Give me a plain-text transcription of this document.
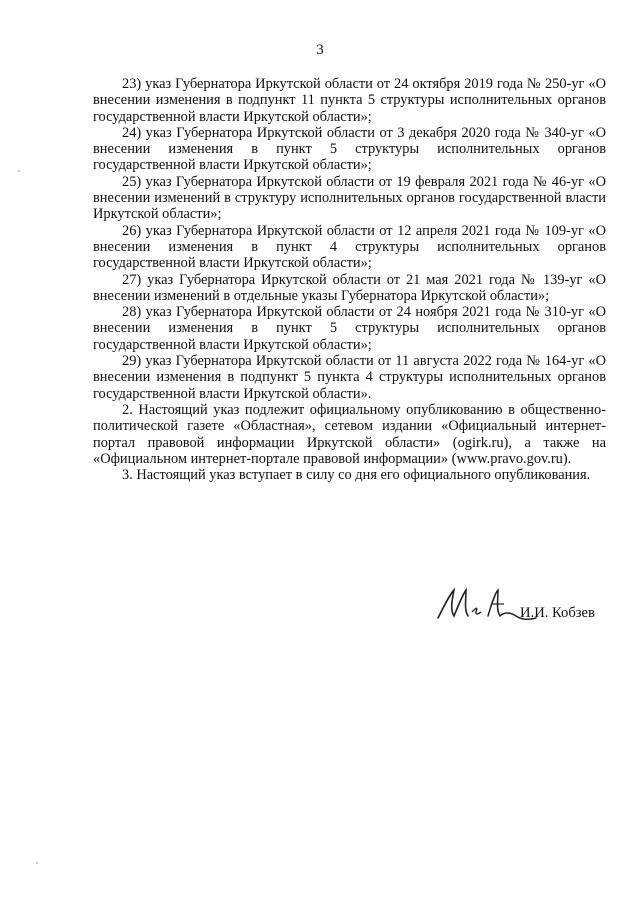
3

23) указ Губернатора Иркутской области от 24 октября 2019 года № 250-уг «О внесении изменения в подпункт 11 пункта 5 структуры исполнительных органов государственной власти Иркутской области»;

24) указ Губернатора Иркутской области от 3 декабря 2020 года № 340-уг «О внесении изменения в пункт 5 структуры исполнительных органов государственной власти Иркутской области»;

25) указ Губернатора Иркутской области от 19 февраля 2021 года № 46-уг «О внесении изменений в структуру исполнительных органов государственной власти Иркутской области»;

26) указ Губернатора Иркутской области от 12 апреля 2021 года № 109-уг «О внесении изменения в пункт 4 структуры исполнительных органов государственной власти Иркутской области»;

27) указ Губернатора Иркутской области от 21 мая 2021 года № 139-уг «О внесении изменений в отдельные указы Губернатора Иркутской области»;

28) указ Губернатора Иркутской области от 24 ноября 2021 года № 310-уг «О внесении изменения в пункт 5 структуры исполнительных органов государственной власти Иркутской области»;

29) указ Губернатора Иркутской области от 11 августа 2022 года № 164-уг «О внесении изменения в подпункт 5 пункта 4 структуры исполнительных органов государственной власти Иркутской области».

2. Настоящий указ подлежит официальному опубликованию в общественно-политической газете «Областная», сетевом издании «Официальный интернет-портал правовой информации Иркутской области» (ogirk.ru), а также на «Официальном интернет-портале правовой информации» (www.pravo.gov.ru).

3. Настоящий указ вступает в силу со дня его официального опубликования.

И.И. Кобзев
